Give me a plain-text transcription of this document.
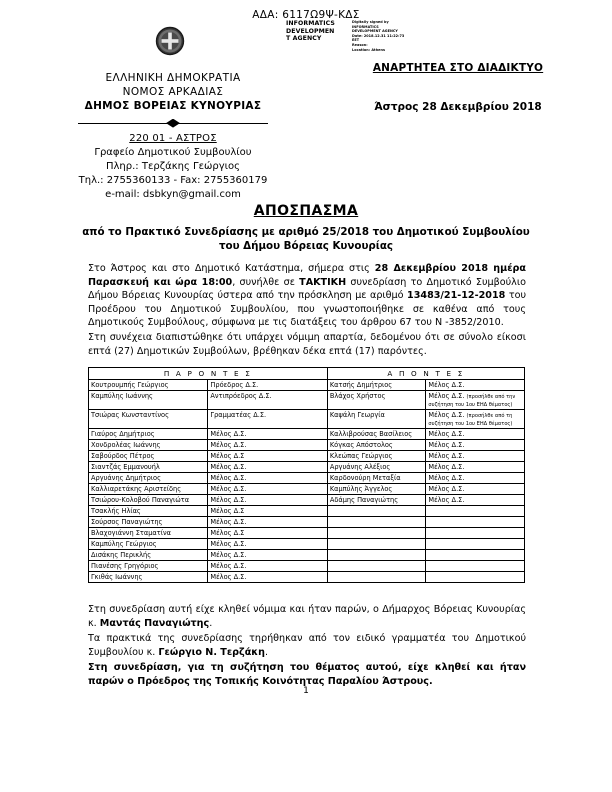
ΑΔΑ: 6117Ω9Ψ-ΚΔΣ
INFORMATICS
DEVELOPMEN
T AGENCY
Digitally signed by
INFORMATICS
DEVELOPMENT AGENCY
Date: 2018.12.31 11:22:73
EET
Reason:
Location: Athens
ΕΛΛΗΝΙΚΗ ΔΗΜΟΚΡΑΤΙΑ
ΝΟΜΟΣ ΑΡΚΑΔΙΑΣ
ΔΗΜΟΣ ΒΟΡΕΙΑΣ ΚΥΝΟΥΡΙΑΣ
220 01 - ΑΣΤΡΟΣ
Γραφείο Δημοτικού Συμβουλίου
Πληρ.: Τερζάκης Γεώργιος
Τηλ.: 2755360133 - Fax: 2755360179
e-mail: dsbkyn@gmail.com
ΑΝΑΡΤΗΤΕΑ ΣΤΟ ΔΙΑΔΙΚΤΥΟ
Άστρος 28 Δεκεμβρίου 2018
ΑΠΟΣΠΑΣΜΑ
από το Πρακτικό Συνεδρίασης με αριθμό 25/2018 του Δημοτικού Συμβουλίου
του Δήμου Βόρειας Κυνουρίας
Στο Άστρος και στο Δημοτικό Κατάστημα, σήμερα στις 28 Δεκεμβρίου 2018 ημέρα Παρασκευή και ώρα 18:00, συνήλθε σε ΤΑΚΤΙΚΗ συνεδρίαση το Δημοτικό Συμβούλιο Δήμου Βόρειας Κυνουρίας ύστερα από την πρόσκληση με αριθμό 13483/21-12-2018 του Προέδρου του Δημοτικού Συμβουλίου, που γνωστοποιήθηκε σε καθένα από τους Δημοτικούς Συμβούλους, σύμφωνα με τις διατάξεις του άρθρου 67 του Ν -3852/2010.
Στη συνέχεια διαπιστώθηκε ότι υπάρχει νόμιμη απαρτία, δεδομένου ότι σε σύνολο είκοσι επτά (27) Δημοτικών Συμβούλων, βρέθηκαν δέκα επτά (17) παρόντες.
Π Α Ρ Ο Ν Τ Ε Σ		Α Π Ο Ν Τ Ε Σ	
Κουτρουμπής Γεώργιος	Πρόεδρος Δ.Σ.	Κατσής Δημήτριος	Μέλος Δ.Σ.
Καμπύλης Ιωάννης	Αντιπρόεδρος Δ.Σ.	Βλάχος Χρήστος	Μέλος Δ.Σ. (προσήλθε από την συζήτηση του 1ου ΕΗΔ θέματος)
Τσιώρας Κωνσταντίνος	Γραμματέας Δ.Σ.	Καψάλη Γεωργία	Μέλος Δ.Σ. (προσήλθε από τη συζήτηση του 1ου ΕΗΔ θέματος)
Γιαύρος Δημήτριος	Μέλος Δ.Σ.	Καλλιβρούσας Βασίλειος	Μέλος Δ.Σ.
Χονδρολέας Ιωάννης	Μέλος Δ.Σ.	Κόγκας Απόστολος	Μέλος Δ.Σ.
Σαβούρδος Πέτρος	Μέλος Δ.Σ	Κλεώπας Γεώργιος	Μέλος Δ.Σ.
Σιαντζάς Εμμανουήλ	Μέλος Δ.Σ.	Αργυάνης Αλέξιος	Μέλος Δ.Σ.
Αργυάνης Δημήτριος	Μέλος Δ.Σ.	Καρδονούρη Μεταξία	Μέλος Δ.Σ.
Καλλιαρετάκης Αριστείδης	Μέλος Δ.Σ.	Καμπύλης Άγγελος	Μέλος Δ.Σ.
Τσιώρου-Κολοβού Παναγιώτα	Μέλος Δ.Σ.	Αδάμης Παναγιώτης	Μέλος Δ.Σ.
Τσακλής Ηλίας	Μέλος Δ.Σ		
Σούρσος Παναγιώτης	Μέλος Δ.Σ.		
Βλαχογιάννη Σταματίνα	Μέλος Δ.Σ		
Καμπύλης Γεώργιος	Μέλος Δ.Σ.		
Δισάκης Περικλής	Μέλος Δ.Σ.		
Πιανέσης Γρηγόριος	Μέλος Δ.Σ.		
Γκιθάς Ιωάννης	Μέλος Δ.Σ.		
Στη συνεδρίαση αυτή είχε κληθεί νόμιμα και ήταν παρών, ο Δήμαρχος Βόρειας Κυνουρίας κ. Μαντάς Παναγιώτης.
Τα πρακτικά της συνεδρίασης τηρήθηκαν από τον ειδικό γραμματέα του Δημοτικού Συμβουλίου κ. Γεώργιο Ν. Τερζάκη.
Στη συνεδρίαση, για τη συζήτηση του θέματος αυτού, είχε κληθεί και ήταν παρών ο Πρόεδρος της Τοπικής Κοινότητας Παραλίου Άστρους.
1
